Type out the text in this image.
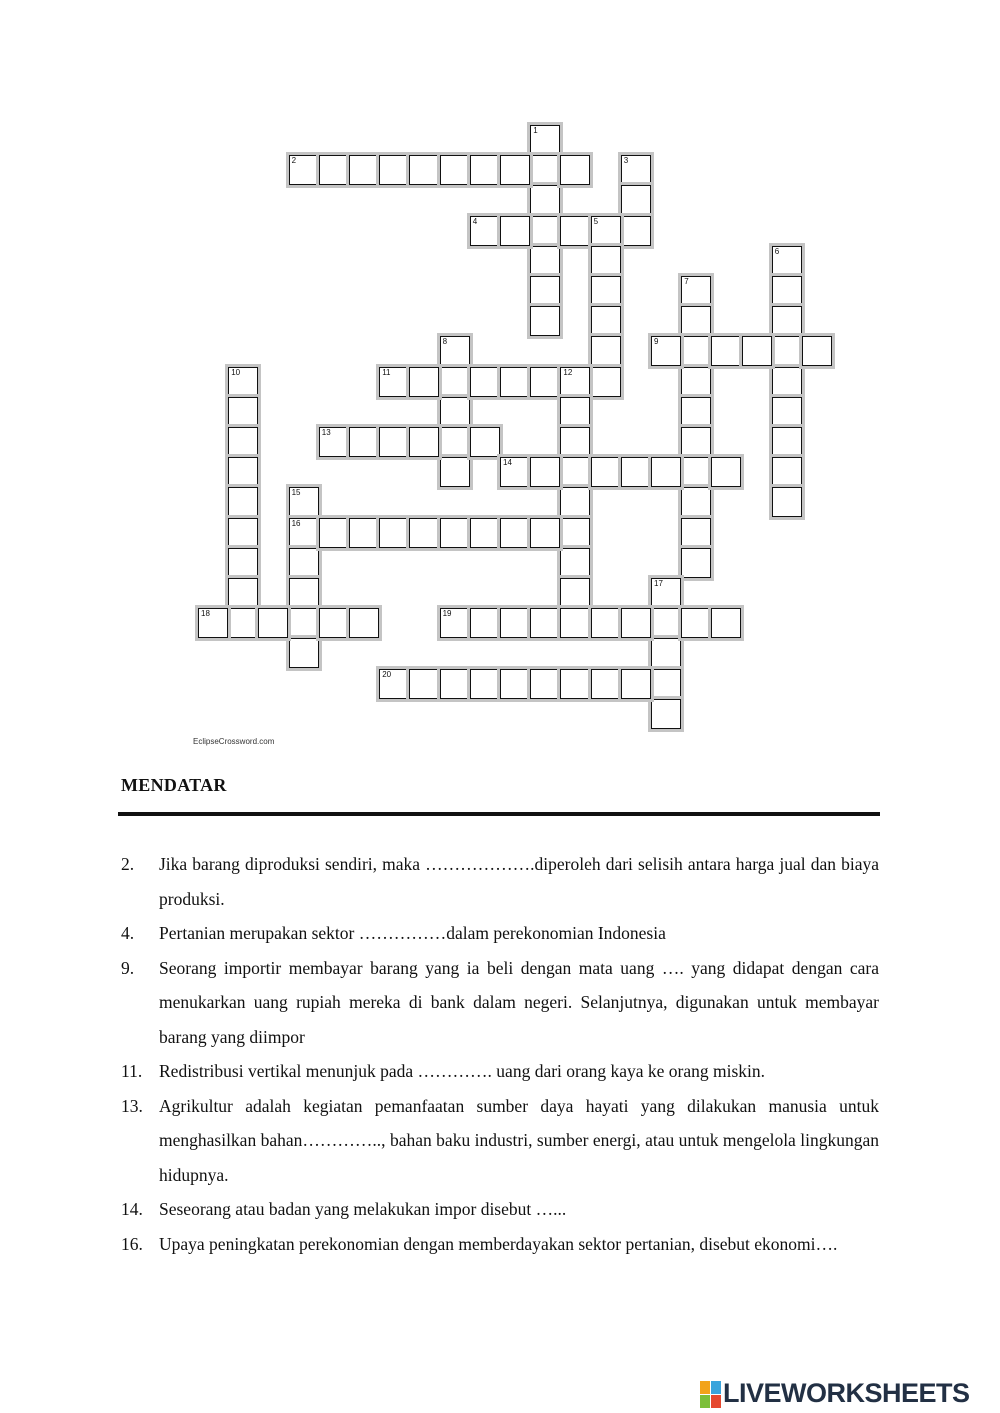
1
2	3
4	5
6
7
8	9
10	11	12
13
14
15
16
17
18	19
20
EclipseCrossword.com
MENDATAR
2. Jika barang diproduksi sendiri, maka ……………….diperoleh dari selisih antara harga jual dan biaya produksi.
4. Pertanian merupakan sektor ……………dalam perekonomian Indonesia
9. Seorang importir membayar barang yang ia beli dengan mata uang …. yang didapat dengan cara menukarkan uang rupiah mereka di bank dalam negeri. Selanjutnya, digunakan untuk membayar barang yang diimpor
11. Redistribusi vertikal menunjuk pada …………. uang dari orang kaya ke orang miskin.
13. Agrikultur adalah kegiatan pemanfaatan sumber daya hayati yang dilakukan manusia untuk menghasilkan bahan………….., bahan baku industri, sumber energi, atau untuk mengelola lingkungan hidupnya.
14. Seseorang atau badan yang melakukan impor disebut …...
16. Upaya peningkatan perekonomian dengan memberdayakan sektor pertanian, disebut ekonomi….
LIVEWORKSHEETS
